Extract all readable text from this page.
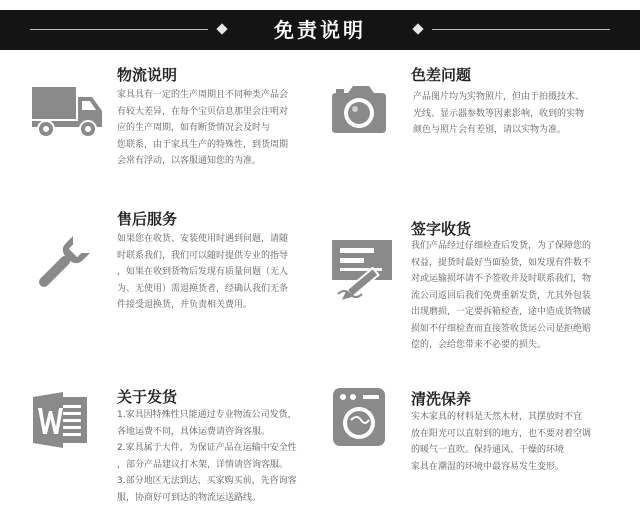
免责说明
物流说明
家具具有一定的生产周期且不同种类产品会
有较大差异，在每个宝贝信息那里会注明对
应的生产周期，如有断货情况会及时与
您联系，由于家具生产的特殊性，到货周期
会常有浮动，以客服通知您的为准。
色差问题
产品图片均为实物照片，但由于拍摄技术、
光线、显示器参数等因素影响，收到的实物
颜色与照片会有差别，请以实物为准。
售后服务
如果您在收货、安装使用时遇到问题，请随
时联系我们，我们可以随时提供专业的指导
，如果在收到货物后发现有质量问题（无人
为、无使用）需退换货者，经确认我们无条
件接受退换货，并负责相关费用。
签字收货
我们产品经过仔细检查后发货，为了保障您的
权益，提货时最好当面验货，如发现有件数不
对或运输损坏请不予签收并及时联系我们，物
流公司返回后我们免费重新发货，尤其外包装
出现磨损，一定要拆箱检查，途中造成货物破
损如不仔细检查而直接签收货运公司是拒绝赔
偿的，会给您带来不必要的损失。
关于发货
1.家具因特殊性只能通过专业物流公司发货，
各地运费不同，具体运费请咨询客服。
2.家具属于大件，为保证产品在运输中安全性
，部分产品建议打木架，详情请咨询客服。
3.部分地区无法到达，买家购买前，先咨询客
服，协商好可到达的物流运送路线。
清洗保养
实木家具的材料是天然木材，其摆放时不宜
放在阳光可以直射到的地方，也不要对着空调
的暖气一直吹。保持通风、干燥的环境
家具在潮湿的环境中最容易发生变形。
